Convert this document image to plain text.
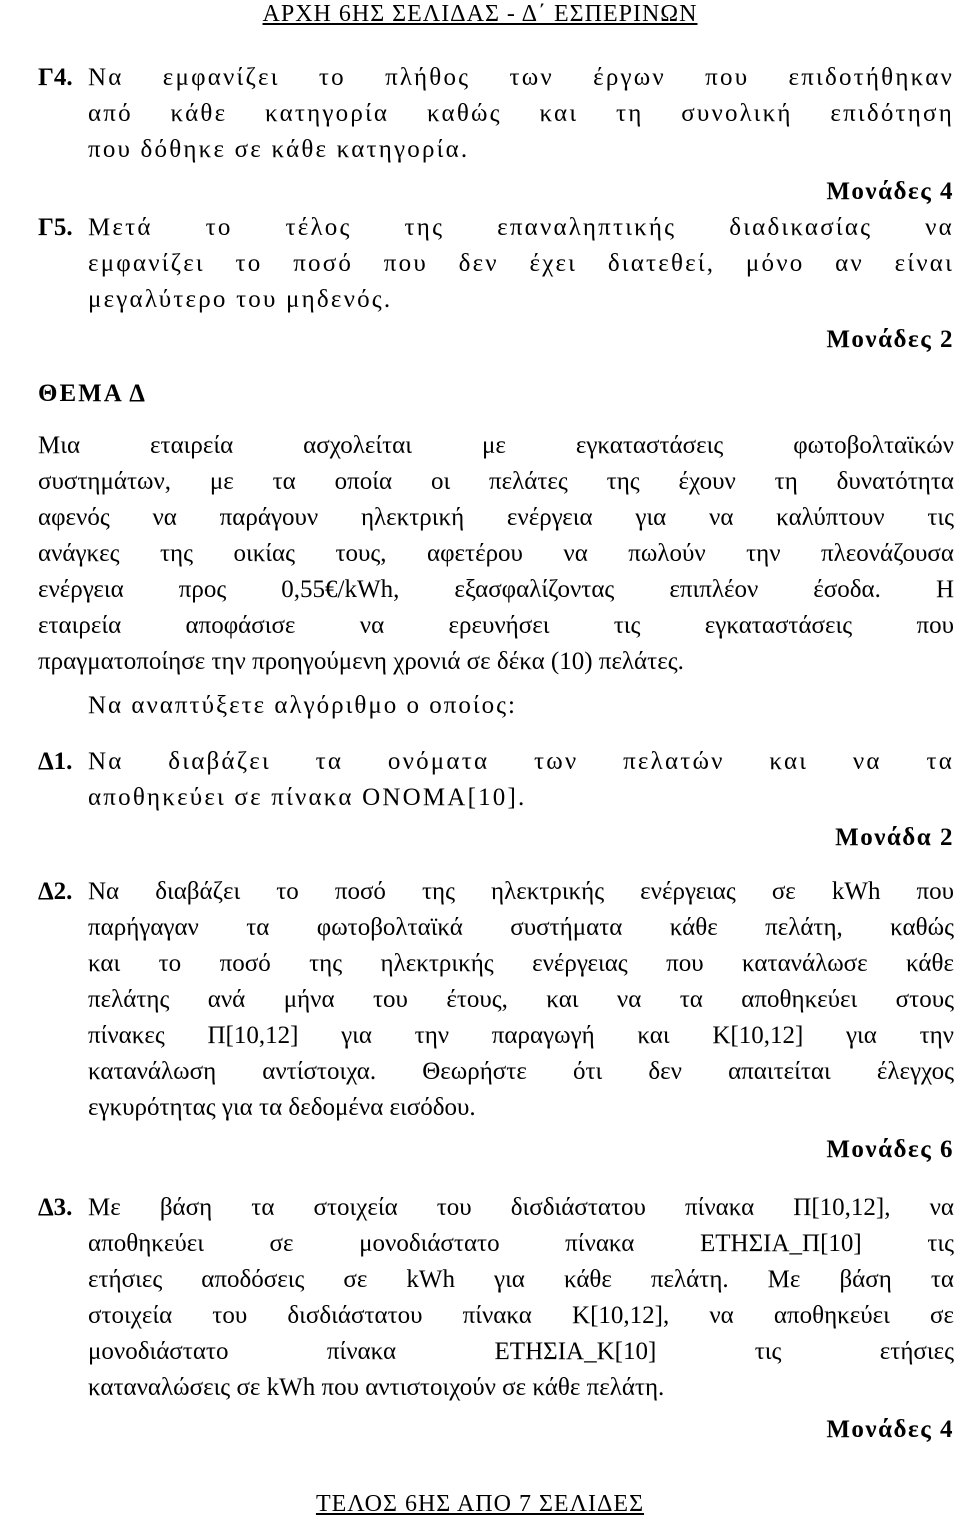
ΑΡΧΗ 6ΗΣ ΣΕΛΙΔΑΣ - Δ΄ ΕΣΠΕΡΙΝΩΝ
Γ4. Να εμφανίζει το πλήθος των έργων που επιδοτήθηκαν
από κάθε κατηγορία καθώς και τη συνολική επιδότηση
που δόθηκε σε κάθε κατηγορία.
Μονάδες 4
Γ5. Μετά το τέλος της επαναληπτικής διαδικασίας να
εμφανίζει το ποσό που δεν έχει διατεθεί, μόνο αν είναι
μεγαλύτερο του μηδενός.
Μονάδες 2
ΘΕΜΑ Δ
Μια εταιρεία ασχολείται με εγκαταστάσεις φωτοβολταϊκών
συστημάτων, με τα οποία οι πελάτες της έχουν τη δυνατότητα
αφενός να παράγουν ηλεκτρική ενέργεια για να καλύπτουν τις
ανάγκες της οικίας τους, αφετέρου να πωλούν την πλεονάζουσα
ενέργεια προς 0,55€/kWh, εξασφαλίζοντας επιπλέον έσοδα. Η
εταιρεία αποφάσισε να ερευνήσει τις εγκαταστάσεις που
πραγματοποίησε την προηγούμενη χρονιά σε δέκα (10) πελάτες.
Να αναπτύξετε αλγόριθμο ο οποίος:
Δ1. Να διαβάζει τα ονόματα των πελατών και να τα
αποθηκεύει σε πίνακα ΟΝΟΜΑ[10].
Μονάδα 2
Δ2. Να διαβάζει το ποσό της ηλεκτρικής ενέργειας σε kWh που
παρήγαγαν τα φωτοβολταϊκά συστήματα κάθε πελάτη, καθώς
και το ποσό της ηλεκτρικής ενέργειας που κατανάλωσε κάθε
πελάτης ανά μήνα του έτους, και να τα αποθηκεύει στους
πίνακες Π[10,12] για την παραγωγή και Κ[10,12] για την
κατανάλωση αντίστοιχα. Θεωρήστε ότι δεν απαιτείται έλεγχος
εγκυρότητας για τα δεδομένα εισόδου.
Μονάδες 6
Δ3. Με βάση τα στοιχεία του δισδιάστατου πίνακα Π[10,12], να
αποθηκεύει σε μονοδιάστατο πίνακα ΕΤΗΣΙΑ_Π[10] τις
ετήσιες αποδόσεις σε kWh για κάθε πελάτη. Με βάση τα
στοιχεία του δισδιάστατου πίνακα Κ[10,12], να αποθηκεύει σε
μονοδιάστατο πίνακα ΕΤΗΣΙΑ_Κ[10] τις ετήσιες
καταναλώσεις σε kWh που αντιστοιχούν σε κάθε πελάτη.
Μονάδες 4
ΤΕΛΟΣ 6ΗΣ ΑΠΟ 7 ΣΕΛΙΔΕΣ
